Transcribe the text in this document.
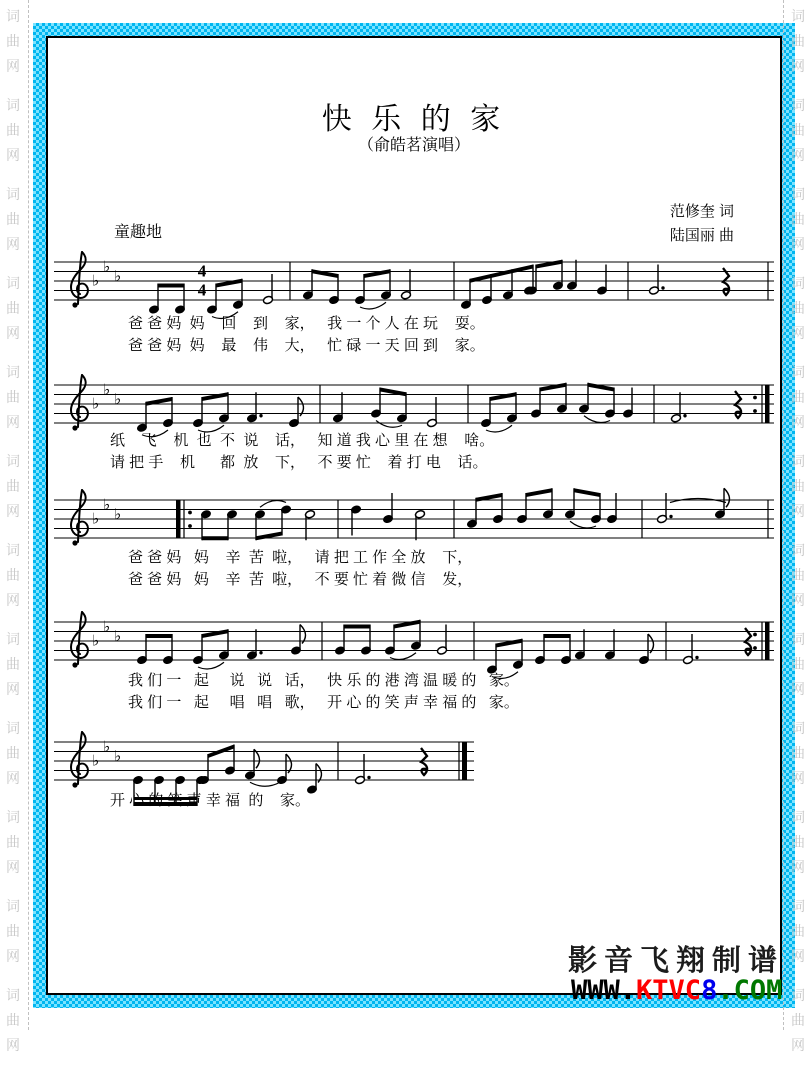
词
曲
网
词
曲
网
词
曲
网
词
曲
网
词
曲
网
词
曲
网
词
曲
网
词
曲
网
词
曲
网
词
曲
网
词
曲
网
词
曲
网
词
曲
网
词
曲
网
词
曲
网
词
曲
网
词
曲
网
词
曲
网
词
曲
网
词
曲
网
词
曲
网
词
曲
网
词
曲
网
词
曲
网
快 乐 的 家
（俞皓茗演唱）
范修奎 词
陆国丽 曲
童趣地
♭
♭
♭	4
4
♭
♭
♭
♭
♭
♭
♭
♭
♭
♭
♭
♭
爸 爸 妈  妈    回    到    家，   我 一 个 人 在 玩    耍。
爸 爸 妈  妈    最    伟    大，   忙 碌 一 天 回 到    家。
纸    飞    机  也  不  说    话，   知 道 我 心 里 在 想    啥。
请 把 手    机      都  放    下，   不 要 忙    着 打 电    话。
爸 爸 妈   妈    辛  苦  啦，   请 把 工 作 全 放    下，
爸 爸 妈   妈    辛  苦  啦，   不 要 忙 着 微 信    发，
我 们 一   起     说   说   话，   快 乐 的 港 湾 温 暖 的   家。
我 们 一   起     唱   唱   歌，   开 心 的 笑 声 幸 福 的   家。
开 心 的 笑 声 幸 福  的    家。
影音飞翔制谱
WWW.KTVC8.COM
